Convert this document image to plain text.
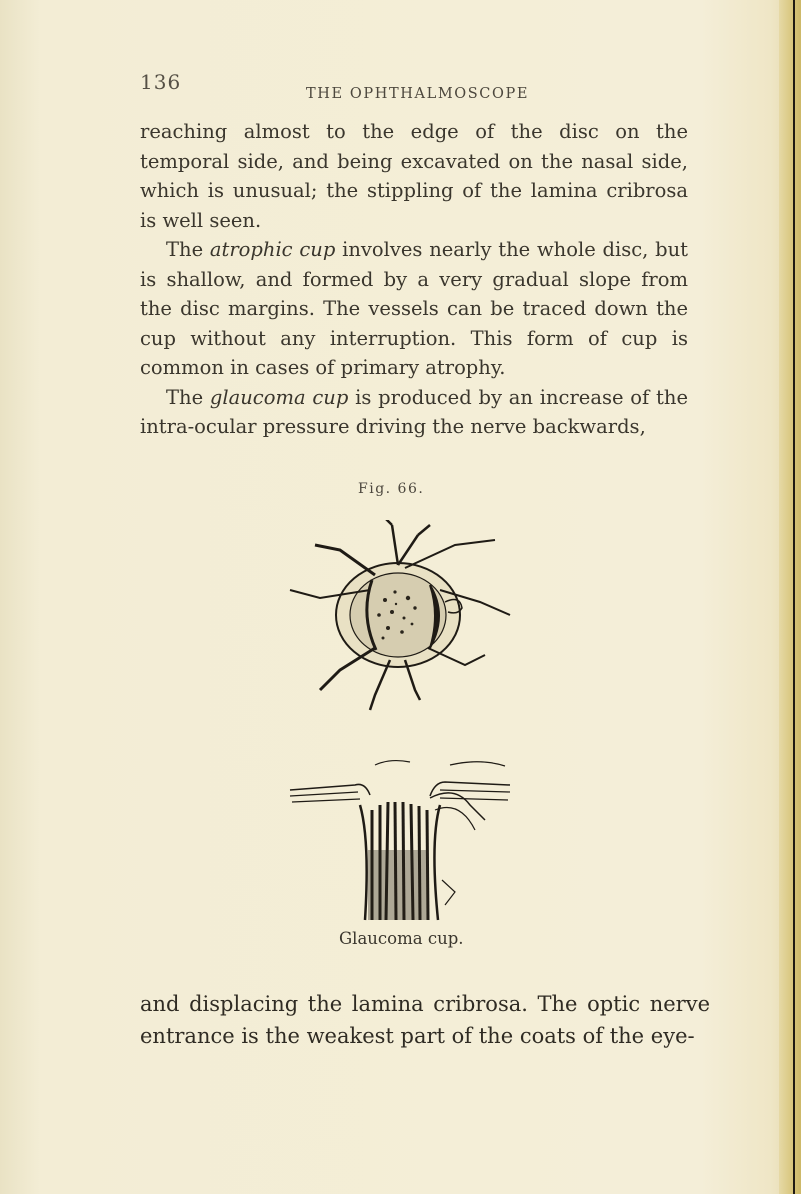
136	THE OPHTHALMOSCOPE

reaching almost to the edge of the disc on the temporal side, and being excavated on the nasal side, which is unusual; the stippling of the lamina cribrosa is well seen.

The atrophic cup involves nearly the whole disc, but is shallow, and formed by a very gradual slope from the disc margins. The vessels can be traced down the cup without any interruption. This form of cup is common in cases of primary atrophy.

The glaucoma cup is produced by an increase of the intra-ocular pressure driving the nerve backwards,

Fig. 66.
Glaucoma cup.

and displacing the lamina cribrosa. The optic nerve entrance is the weakest part of the coats of the eye-
